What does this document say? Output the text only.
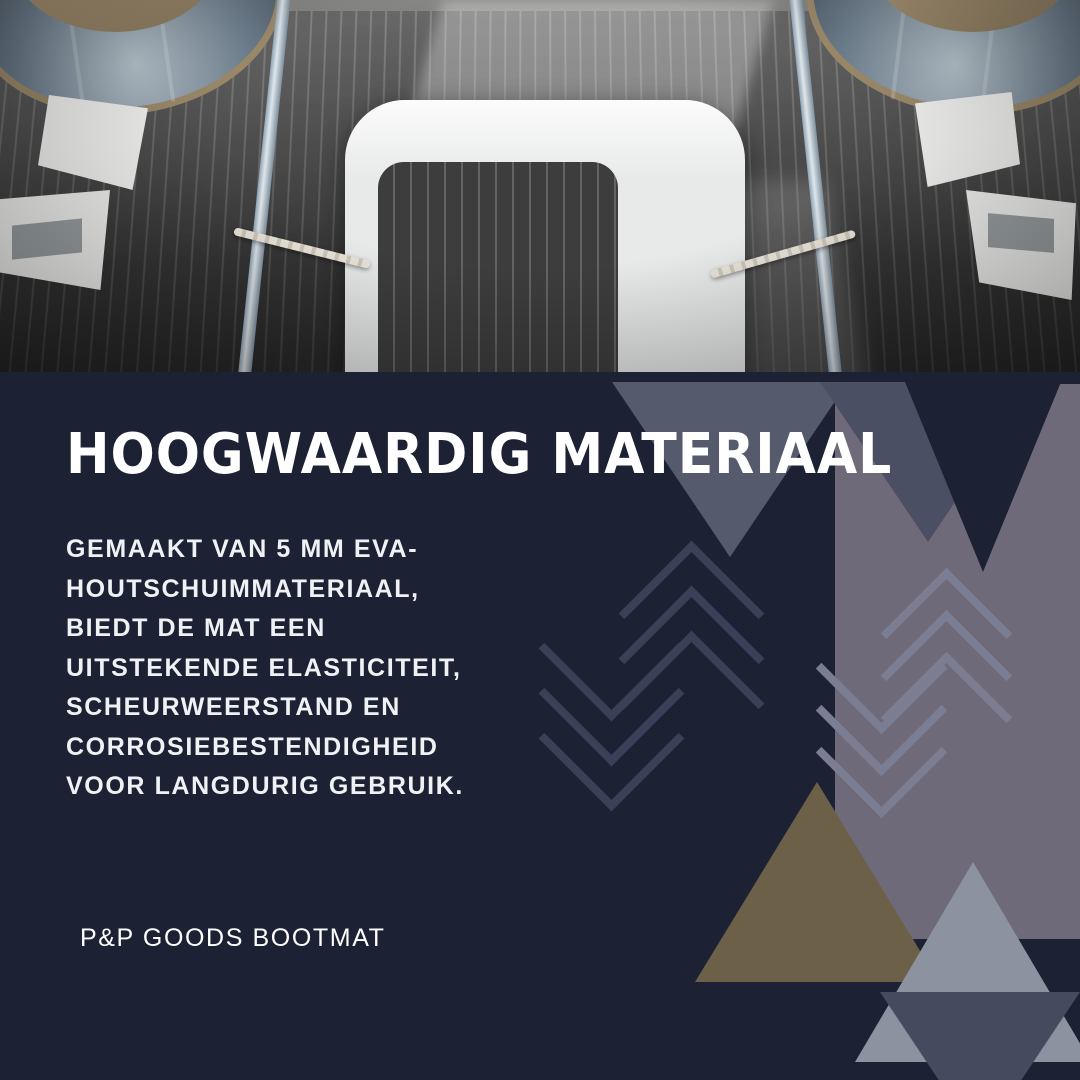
HOOGWAARDIG MATERIAAL
GEMAAKT VAN 5 MM EVA-HOUTSCHUIMMATERIAAL, BIEDT DE MAT EEN UITSTEKENDE ELASTICITEIT, SCHEURWEERSTAND EN CORROSIEBESTENDIGHEID VOOR LANGDURIG GEBRUIK.
P&P GOODS BOOTMAT
